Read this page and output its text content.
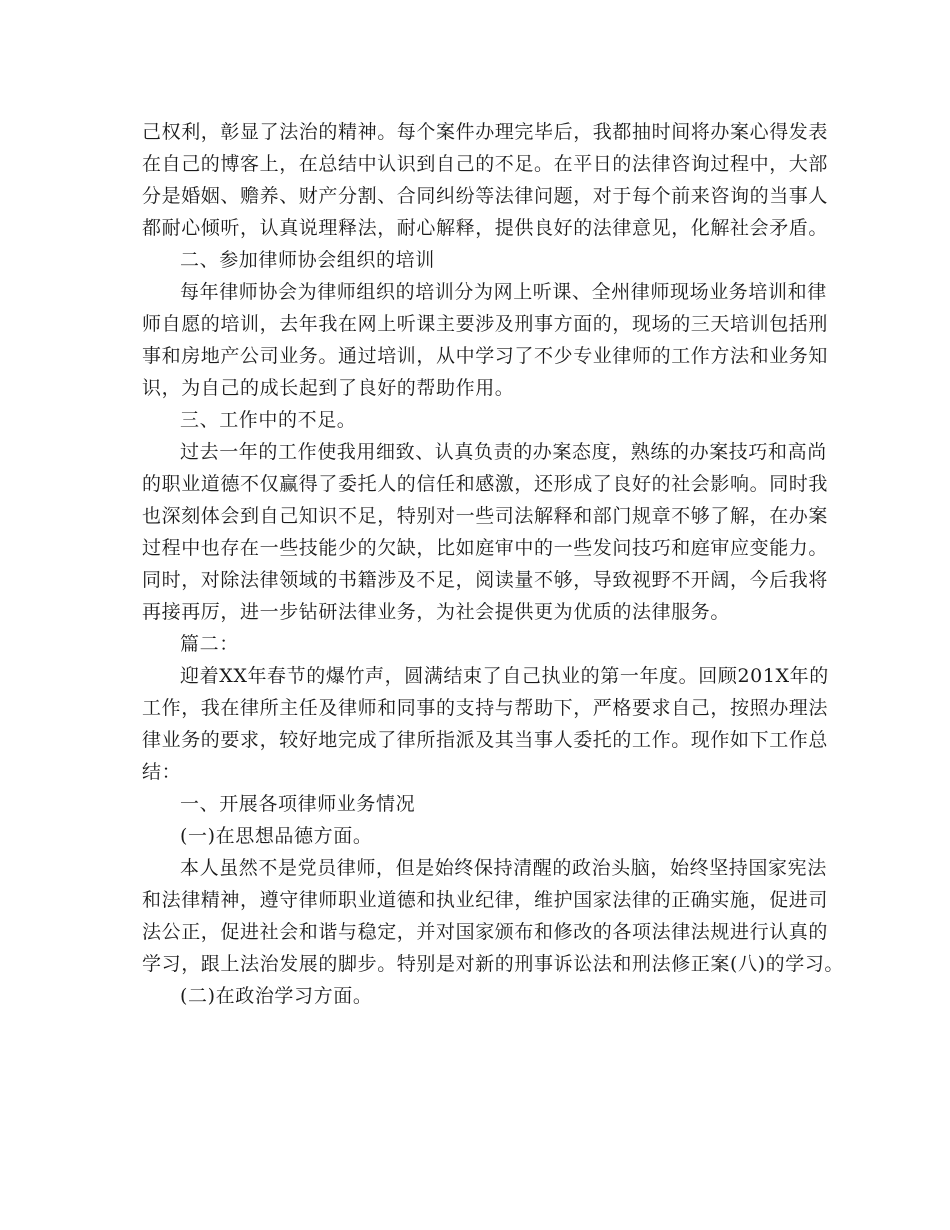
己权利，彰显了法治的精神。每个案件办理完毕后，我都抽时间将办案心得发表
在自己的博客上，在总结中认识到自己的不足。在平日的法律咨询过程中，大部
分是婚姻、赡养、财产分割、合同纠纷等法律问题，对于每个前来咨询的当事人
都耐心倾听，认真说理释法，耐心解释，提供良好的法律意见，化解社会矛盾。
二、参加律师协会组织的培训
每年律师协会为律师组织的培训分为网上听课、全州律师现场业务培训和律
师自愿的培训，去年我在网上听课主要涉及刑事方面的，现场的三天培训包括刑
事和房地产公司业务。通过培训，从中学习了不少专业律师的工作方法和业务知
识，为自己的成长起到了良好的帮助作用。
三、工作中的不足。
过去一年的工作使我用细致、认真负责的办案态度，熟练的办案技巧和高尚
的职业道德不仅赢得了委托人的信任和感激，还形成了良好的社会影响。同时我
也深刻体会到自己知识不足，特别对一些司法解释和部门规章不够了解，在办案
过程中也存在一些技能少的欠缺，比如庭审中的一些发问技巧和庭审应变能力。
同时，对除法律领域的书籍涉及不足，阅读量不够，导致视野不开阔，今后我将
再接再厉，进一步钻研法律业务，为社会提供更为优质的法律服务。
篇二：
迎着XX年春节的爆竹声，圆满结束了自己执业的第一年度。回顾201X年的
工作，我在律所主任及律师和同事的支持与帮助下，严格要求自己，按照办理法
律业务的要求，较好地完成了律所指派及其当事人委托的工作。现作如下工作总
结：
一、开展各项律师业务情况
(一)在思想品德方面。
本人虽然不是党员律师，但是始终保持清醒的政治头脑，始终坚持国家宪法
和法律精神，遵守律师职业道德和执业纪律，维护国家法律的正确实施，促进司
法公正，促进社会和谐与稳定，并对国家颁布和修改的各项法律法规进行认真的
学习，跟上法治发展的脚步。特别是对新的刑事诉讼法和刑法修正案(八)的学习。
(二)在政治学习方面。
